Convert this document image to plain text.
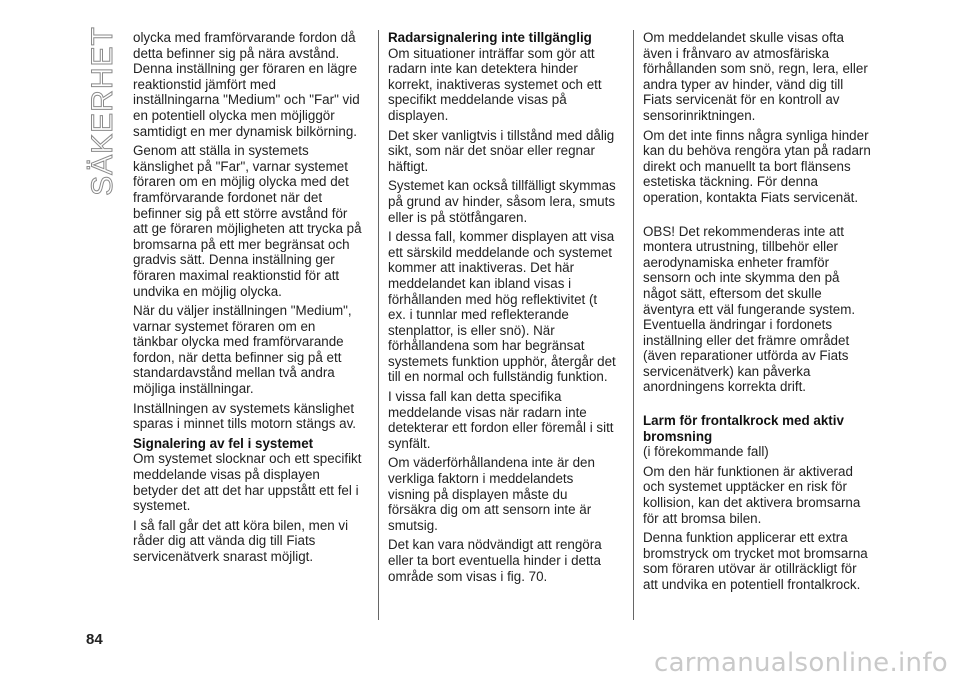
SÄKERHET olycka med framförvarande fordon då detta befinner sig på nära avstånd. Denna inställning ger föraren en lägre reaktionstid jämfört med inställningarna "Medium" och "Far" vid en potentiell olycka men möjliggör samtidigt en mer dynamisk bilkörning.

Genom att ställa in systemets känslighet på "Far", varnar systemet föraren om en möjlig olycka med det framförvarande fordonet när det befinner sig på ett större avstånd för att ge föraren möjligheten att trycka på bromsarna på ett mer begränsat och gradvis sätt. Denna inställning ger föraren maximal reaktionstid för att undvika en möjlig olycka.

När du väljer inställningen "Medium", varnar systemet föraren om en tänkbar olycka med framförvarande fordon, när detta befinner sig på ett standardavstånd mellan två andra möjliga inställningar.

Inställningen av systemets känslighet sparas i minnet tills motorn stängs av.

Signalering av fel i systemet

Om systemet slocknar och ett specifikt meddelande visas på displayen betyder det att det har uppstått ett fel i systemet.

I så fall går det att köra bilen, men vi råder dig att vända dig till Fiats servicenätverk snarast möjligt.

Radarsignalering inte tillgänglig

Om situationer inträffar som gör att radarn inte kan detektera hinder korrekt, inaktiveras systemet och ett specifikt meddelande visas på displayen.

Det sker vanligtvis i tillstånd med dålig sikt, som när det snöar eller regnar häftigt.

Systemet kan också tillfälligt skymmas på grund av hinder, såsom lera, smuts eller is på stötfångaren.

I dessa fall, kommer displayen att visa ett särskild meddelande och systemet kommer att inaktiveras. Det här meddelandet kan ibland visas i förhållanden med hög reflektivitet (t ex. i tunnlar med reflekterande stenplattor, is eller snö). När förhållandena som har begränsat systemets funktion upphör, återgår det till en normal och fullständig funktion.

I vissa fall kan detta specifika meddelande visas när radarn inte detekterar ett fordon eller föremål i sitt synfält.

Om väderförhållandena inte är den verkliga faktorn i meddelandets visning på displayen måste du försäkra dig om att sensorn inte är smutsig.

Det kan vara nödvändigt att rengöra eller ta bort eventuella hinder i detta område som visas i fig. 70.

Om meddelandet skulle visas ofta även i frånvaro av atmosfäriska förhållanden som snö, regn, lera, eller andra typer av hinder, vänd dig till Fiats servicenät för en kontroll av sensorinriktningen.

Om det inte finns några synliga hinder kan du behöva rengöra ytan på radarn direkt och manuellt ta bort flänsens estetiska täckning. För denna operation, kontakta Fiats servicenät.

OBS! Det rekommenderas inte att montera utrustning, tillbehör eller aerodynamiska enheter framför sensorn och inte skymma den på något sätt, eftersom det skulle äventyra ett väl fungerande system. Eventuella ändringar i fordonets inställning eller det främre området (även reparationer utförda av Fiats servicenätverk) kan påverka anordningens korrekta drift.

Larm för frontalkrock med aktiv bromsning

(i förekommande fall)

Om den här funktionen är aktiverad och systemet upptäcker en risk för kollision, kan det aktivera bromsarna för att bromsa bilen.

Denna funktion applicerar ett extra bromstryck om trycket mot bromsarna som föraren utövar är otillräckligt för att undvika en potentiell frontalkrock.

84
carmanualsonline.info
